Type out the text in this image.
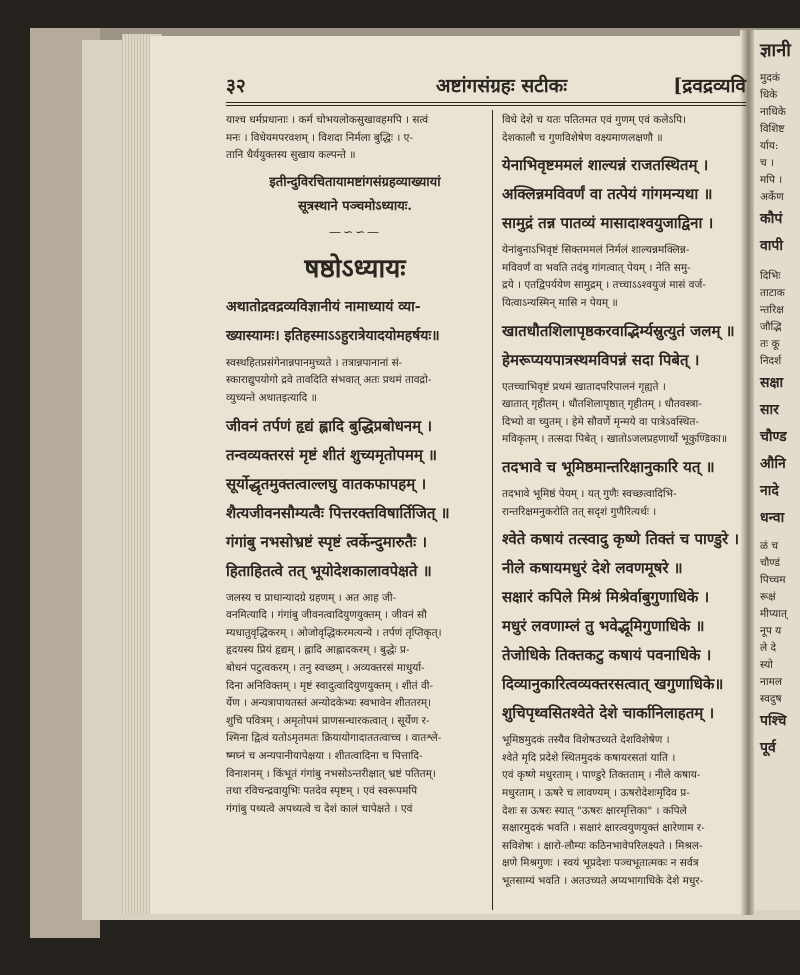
ज्ञानी

मुदकं

धिके

नाधिके

विशिष्ट

र्याय:

च ।

मपि ।

अर्केण

कौपं

वापी

दिभिः

ताटाक

न्तरिक्ष

जौद्भि

तः कू

निदर्श

सक्षा

सार

चौण्ड

औनि

नादे

धन्वा

ळं च

चौण्डं

पिच्चम

रूक्षं

मीप्यात्

नूप य

ले दे

स्यो

नामल

स्वदुष

पश्चि

पूर्व

३२	अष्टांगसंग्रहः सटीकः	[द्रवद्रव्यवि

याश्च धर्मप्रधानाः । कर्म चोभयलोकसुखावहमपि । सत्वं

मनः । विधेयमपरवशम् । विशदा निर्मला बुद्धिः । ए-

तानि धैर्ययुक्तस्य सुखाय कल्पन्ते ॥

इतीन्दुविरचितायामष्टांगसंग्रहव्याख्यायां

सूत्रस्थाने पञ्चमोऽध्यायः.

—∽∽—

षष्ठोऽध्यायः

अथातोद्रवद्रव्यविज्ञानीयं नामाध्यायं व्या-

ख्यास्यामः। इतिहस्माऽऽहुरात्रेयादयोमहर्षयः॥

स्वस्थहितप्रसंगेनान्नपानमुच्यते । तत्रान्नपानानां सं-

स्काराद्युपयोगो द्रवे तावदिति संभवात् अतः प्रथमं तावद्रो-

व्युच्यन्ते अथातइत्यादि ॥

जीवनं तर्पणं हृद्यं ह्लादि बुद्धिप्रबोधनम् ।

तन्वव्यक्तरसं मृष्टं शीतं शुच्यमृतोपमम् ॥

सूर्योद्धृतमुक्तत्वाल्लघु वातकफापहम् ।

शैत्यजीवनसौम्यत्वैः पित्तरक्तविषार्तिजित् ॥

गंगांबु नभसोभ्रष्टं स्पृष्टं त्वर्केन्दुमारुतैः ।

हिताहितत्वे तत् भूयोदेशकालावपेक्षते ॥

जलस्य च प्राधान्यादग्रे ग्रहणम् । अत आह जी-

वनमित्यादि । गंगांबु जीवनत्वादियुणयुक्तम् । जीवनं सौ

म्यधातुवृद्धिकरम् । ओजोवृद्धिकरमत्यन्ये । तर्पणं तृप्तिकृत्।

हृदयस्य प्रियं हृद्यम् । ह्लादि आह्लादकरम् । बुद्धेः प्र-

बोधनं पटुत्वकरम् । तनु स्वच्छम् । अव्यक्तरसं माधुर्या-

दिना अनिविक्तम् । मृष्टं स्वादुत्वादियुणयुक्तम् । शीतं वी-

र्येण । अन्यत्रापायतस्तं अन्योदकेभ्यः स्वभावेन शीततरम्।

शुचि पवित्रम् । अमृतोपमं प्राणसन्धारकत्वात् । सूर्येण र-

श्मिना द्वित्वं यतोऽमृतमतः क्रियायोगादाततत्वाच्च । वातश्ले-

ष्मघ्नं च अन्यपानीयापेक्षया । शीतत्वादिना च पित्तादि-

विनाशनम् । किंभूतं गंगांबु नभसोऽन्तरीक्षात् भ्रष्टं पतितम्।

तथा रविचन्द्रवायुभिः पतदेव स्पृष्टम् । एवं स्वरूपमपि

गंगांबु पथ्यत्वे अपथ्यत्वे च देशं कालं चापेक्षते । एवं

विधे देशे च यतः पतितमत एवं गुणम् एवं कलेऽपि।

देशकालौ च गुणविशेषेण वक्ष्यमाणलक्षणौ ॥

येनाभिवृष्टममलं शाल्यन्नं राजतस्थितम् ।

अक्लिन्नमविवर्णं वा तत्पेयं गांगमन्यथा ॥

सामुद्रं तन्न पातव्यं मासादाश्वयुजाद्विना ।

येनांबुनाऽभिवृष्टं सिक्तममलं निर्मलं शाल्यन्नमक्लिन्न-

मविवर्णं वा भवति तदंबु गांगत्वात् पेयम् । नेति समु-

द्रये । एतद्विपर्ययेण सामुद्रम् । तच्चाऽऽश्वयुजं मासं वर्ज-

यित्वाऽन्यस्मिन् मासि न पेयम् ॥

खातधौतशिलापृष्ठकरवाद्भिर्म्यस्रुत्युतं जलम् ॥

हेमरूप्ययपात्रस्थमविपन्नं सदा पिबेत् ।

एतच्चाभिवृष्टं प्रथमं खातादपरिपालनं गृह्यते ।

खातात् गृहीतम् । धौतशिलापृष्ठात् गृहीतम् । धौतवस्त्रा-

दिभ्यो वा च्युतम् । हेमे सौवर्णे मृन्मये वा पात्रेऽवस्थित-

मविकृतम् । तत्सदा पिबेत् । खातोऽजलप्रहणार्थो भूकुण्डिका॥

तदभावे च भूमिष्ठमान्तरिक्षानुकारि यत् ॥

तदभावे भूमिष्ठं पेयम् । यत् गुणैः स्वच्छत्वादिभि-

रान्तरिक्षमनुकरोति तत् सदृशं गुणैरित्यर्थः ।

श्वेते कषायं तत्स्वादु कृष्णे तिक्तं च पाण्डुरे ।

नीले कषायमधुरं देशे लवणमूषरे ॥

सक्षारं कपिले मिश्रं मिश्रेर्वाबुगुणाधिके ।

मधुरं लवणाम्लं तु भवेद्भूमिगुणाधिके ॥

तेजोधिके तिक्तकटु कषायं पवनाधिके ।

दिव्यानुकारित्वव्यक्तरसत्वात् खगुणाधिके॥

शुचिपृथ्वसितश्वेते देशे चार्कानिलाहतम् ।

भूमिष्ठमुदकं तस्यैव विशेषउच्यते देशविशेषेण ।

श्वेते मृदि प्रदेशे स्थितमुदकं कषायरसतां याति ।

एवं कृष्णे मधुरताम् । पाण्डुरे तिक्तताम् । नीले कषाय-

मधुरताम् । ऊषरे च लावण्यम् । ऊषरोदेशःमृदिव प्र-

देशः स ऊषरः स्यात् "ऊषरः क्षारमृत्तिका" । कपिले

सक्षारमुदकं भवति । सक्षारं क्षारत्वयुणयुक्तं क्षारेणाम र-

सविशेषः । क्षारो-लौम्यः कठिनभावेपरिलक्ष्यते । मिश्रल-

क्षणे मिश्रगुणः । स्वयं भूप्रदेशः पञ्चभूतात्मकः न सर्वत्र

भूतसाम्यं भवति । अतउच्यते अप्यभागाधिके देशे मधुर-
